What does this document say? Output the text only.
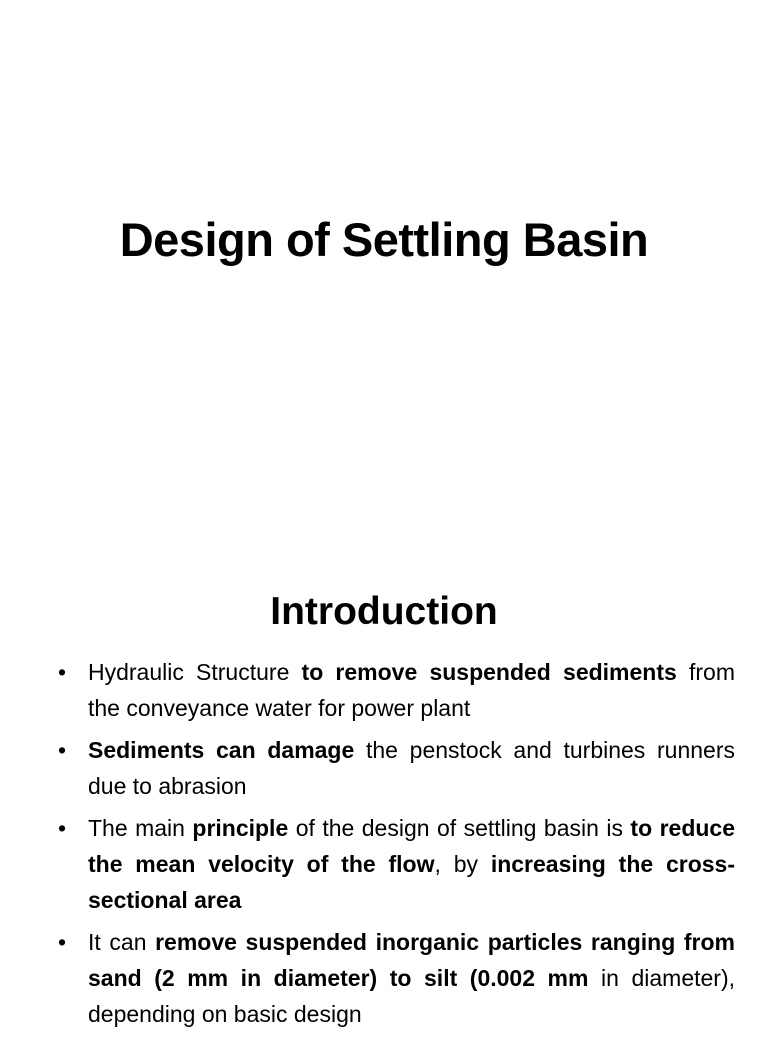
Design of Settling Basin
Introduction
• Hydraulic Structure to remove suspended sediments from the conveyance water for power plant
• Sediments can damage the penstock and turbines runners due to abrasion
• The main principle of the design of settling basin is to reduce the mean velocity of the flow, by increasing the cross-sectional area
• It can remove suspended inorganic particles ranging from sand (2 mm in diameter) to silt (0.002 mm in diameter), depending on basic design
